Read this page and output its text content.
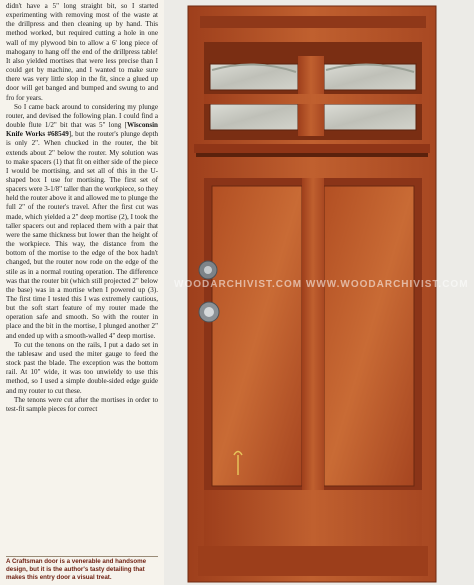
didn't have a 5" long straight bit, so I started experimenting with removing most of the waste at the drillpress and then cleaning up by hand. This method worked, but required cutting a hole in one wall of my plywood bin to allow a 6' long piece of mahogany to hang off the end of the drillpress table! It also yielded mortises that were less precise than I could get by machine, and I wanted to make sure there was very little slop in the fit, since a glued up door will get banged and bumped and swung to and fro for years.

So I came back around to considering my plunge router, and devised the following plan. I could find a double flute 1/2" bit that was 5" long [Wisconsin Knife Works #68549], but the router's plunge depth is only 2". When chucked in the router, the bit extends about 2" below the router. My solution was to make spacers (1) that fit on either side of the piece I would be mortising, and set all of this in the U-shaped box I use for mortising. The first set of spacers were 3-1/8" taller than the workpiece, so they held the router above it and allowed me to plunge the full 2" of the router's travel. After the first cut was made, which yielded a 2" deep mortise (2), I took the taller spacers out and replaced them with a pair that were the same thickness but lower than the height of the workpiece. This way, the distance from the bottom of the mortise to the edge of the box hadn't changed, but the router now rode on the edge of the stile as in a normal routing operation. The difference was that the router bit (which still projected 2" below the base) was in a mortise when I powered up (3). The first time I tested this I was extremely cautious, but the soft start feature of my router made the operation safe and smooth. So with the router in place and the bit in the mortise, I plunged another 2" and ended up with a smooth-walled 4" deep mortise.

To cut the tenons on the rails, I put a dado set in the tablesaw and used the miter gauge to feed the stock past the blade. The exception was the bottom rail. At 10" wide, it was too unwieldy to use this method, so I used a simple double-sided edge guide and my router to cut these.

The tenons were cut after the mortises in order to test-fit sample pieces for correct

A Craftsman door is a venerable and handsome design, but it is the author's tasty detailing that makes this entry door a visual treat.
WOODARCHIVIST.COM WWW.WOODARCHIVIST.COM
